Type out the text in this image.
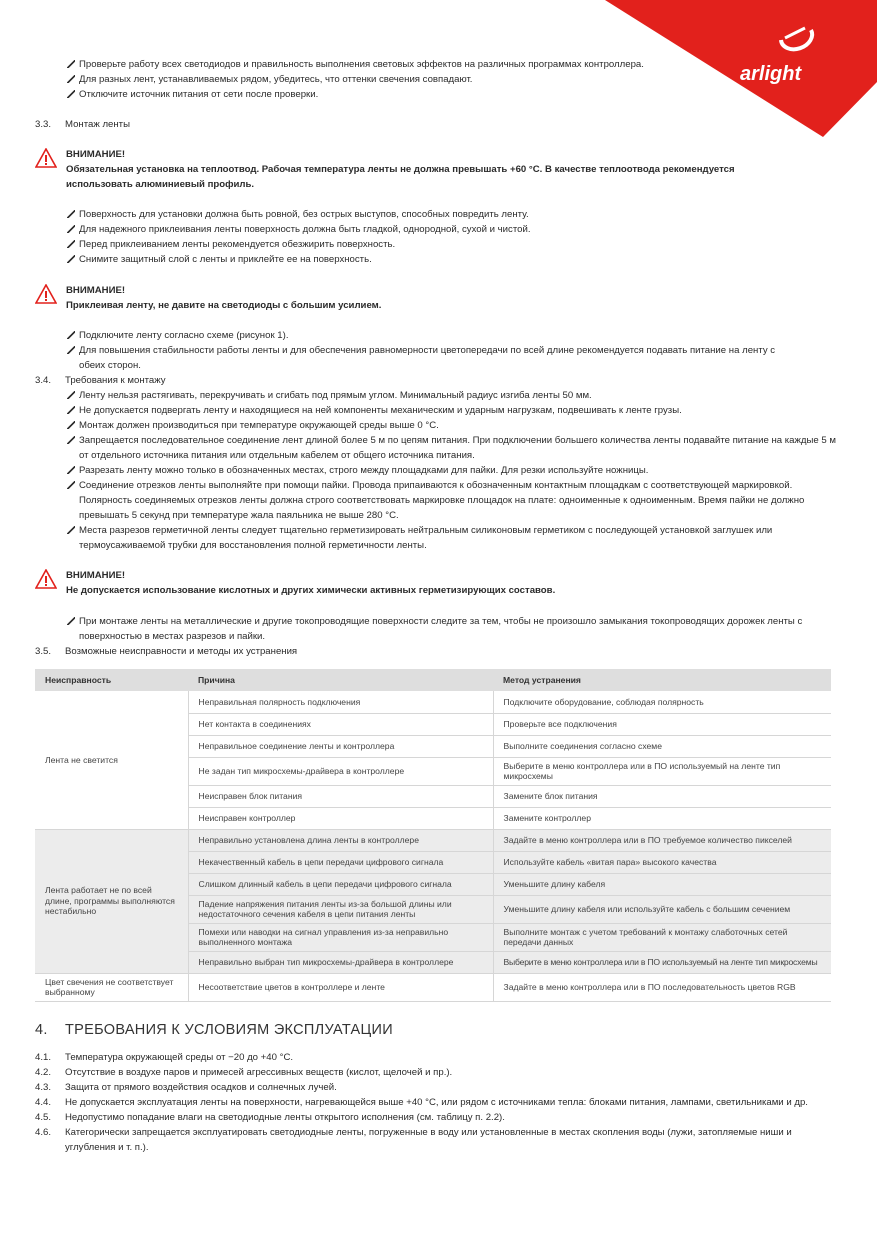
arlight
Проверьте работу всех светодиодов и правильность выполнения световых эффектов на различных программах контроллера.
Для разных лент, устанавливаемых рядом, убедитесь, что оттенки свечения совпадают.
Отключите источник питания от сети после проверки.
3.3. Монтаж ленты
ВНИМАНИЕ!
Обязательная установка на теплоотвод. Рабочая температура ленты не должна превышать +60 °С. В качестве теплоотвода рекомендуется использовать алюминиевый профиль.
Поверхность для установки должна быть ровной, без острых выступов, способных повредить ленту.
Для надежного приклеивания ленты поверхность должна быть гладкой, однородной, сухой и чистой.
Перед приклеиванием ленты рекомендуется обезжирить поверхность.
Снимите защитный слой с ленты и приклейте ее на поверхность.
ВНИМАНИЕ!
Приклеивая ленту, не давите на светодиоды с большим усилием.
Подключите ленту согласно схеме (рисунок 1).
Для повышения стабильности работы ленты и для обеспечения равномерности цветопередачи по всей длине рекомендуется подавать питание на ленту с обеих сторон.
3.4. Требования к монтажу
Ленту нельзя растягивать, перекручивать и сгибать под прямым углом. Минимальный радиус изгиба ленты 50 мм.
Не допускается подвергать ленту и находящиеся на ней компоненты механическим и ударным нагрузкам, подвешивать к ленте грузы.
Монтаж должен производиться при температуре окружающей среды выше 0 °С.
Запрещается последовательное соединение лент длиной более 5 м по цепям питания. При подключении большего количества ленты подавайте питание на каждые 5 м от отдельного источника питания или отдельным кабелем от общего источника питания.
Разрезать ленту можно только в обозначенных местах, строго между площадками для пайки. Для резки используйте ножницы.
Соединение отрезков ленты выполняйте при помощи пайки. Провода припаиваются к обозначенным контактным площадкам с соответствующей маркировкой. Полярность соединяемых отрезков ленты должна строго соответствовать маркировке площадок на плате: одноименные к одноименным. Время пайки не должно превышать 5 секунд при температуре жала паяльника не выше 280 °С.
Места разрезов герметичной ленты следует тщательно герметизировать нейтральным силиконовым герметиком с последующей установкой заглушек или термоусаживаемой трубки для восстановления полной герметичности ленты.
ВНИМАНИЕ!
Не допускается использование кислотных и других химически активных герметизирующих составов.
При монтаже ленты на металлические и другие токопроводящие поверхности следите за тем, чтобы не произошло замыкания токопроводящих дорожек ленты с поверхностью в местах разрезов и пайки.
3.5. Возможные неисправности и методы их устранения
Неисправность	Причина	Метод устранения
Лента не светится	Неправильная полярность подключения	Подключите оборудование, соблюдая полярность
	Нет контакта в соединениях	Проверьте все подключения
	Неправильное соединение ленты и контроллера	Выполните соединения согласно схеме
	Не задан тип микросхемы-драйвера в контроллере	Выберите в меню контроллера или в ПО используемый на ленте тип микросхемы
	Неисправен блок питания	Замените блок питания
	Неисправен контроллер	Замените контроллер
Лента работает не по всей длине, программы выполняются нестабильно	Неправильно установлена длина ленты в контроллере	Задайте в меню контроллера или в ПО требуемое количество пикселей
	Некачественный кабель в цепи передачи цифрового сигнала	Используйте кабель «витая пара» высокого качества
	Слишком длинный кабель в цепи передачи цифрового сигнала	Уменьшите длину кабеля
	Падение напряжения питания ленты из-за большой длины или недостаточного сечения кабеля в цепи питания ленты	Уменьшите длину кабеля или используйте кабель с большим сечением
	Помехи или наводки на сигнал управления из-за неправильно выполненного монтажа	Выполните монтаж с учетом требований к монтажу слаботочных сетей передачи данных
	Неправильно выбран тип микросхемы-драйвера в контроллере	Выберите в меню контроллера или в ПО используемый на ленте тип микросхемы
Цвет свечения не соответствует выбранному	Несоответствие цветов в контроллере и ленте	Задайте в меню контроллера или в ПО последовательность цветов RGB
4. ТРЕБОВАНИЯ К УСЛОВИЯМ ЭКСПЛУАТАЦИИ
4.1.	Температура окружающей среды от −20 до +40 °С.
4.2.	Отсутствие в воздухе паров и примесей агрессивных веществ (кислот, щелочей и пр.).
4.3.	Защита от прямого воздействия осадков и солнечных лучей.
4.4.	Не допускается эксплуатация ленты на поверхности, нагревающейся выше +40 °С, или рядом с источниками тепла: блоками питания, лампами, светильниками и др.
4.5.	Недопустимо попадание влаги на светодиодные ленты открытого исполнения (см. таблицу п. 2.2).
4.6.	Категорически запрещается эксплуатировать светодиодные ленты, погруженные в воду или установленные в местах скопления воды (лужи, затопляемые ниши и углубления и т. п.).
